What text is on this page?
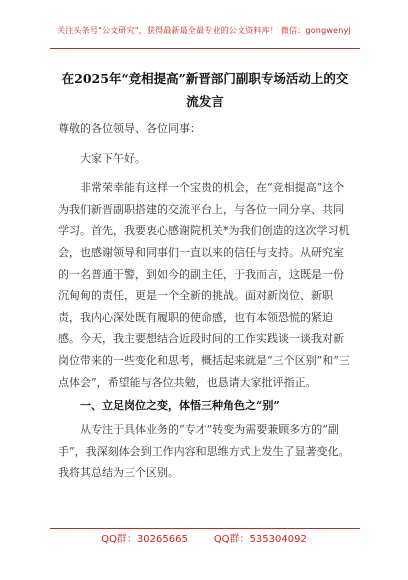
关注头条号"公文研究"，获得最新最全最专业的公文资料库！ 微信：gongwenyj
在2025年“竞相提高”新晋部门副职专场活动上的交流发言

尊敬的各位领导、各位同事：

大家下午好。

非常荣幸能有这样一个宝贵的机会，在“竞相提高”这个为我们新晋副职搭建的交流平台上，与各位一同分享、共同学习。首先，我要衷心感谢院机关*为我们创造的这次学习机会，也感谢领导和同事们一直以来的信任与支持。从研究室的一名普通干警，到如今的副主任，于我而言，这既是一份沉甸甸的责任，更是一个全新的挑战。面对新岗位、新职责，我内心深处既有履职的使命感，也有本领恐慌的紧迫感。今天，我主要想结合近段时间的工作实践谈一谈我对新岗位带来的一些变化和思考，概括起来就是“三个区别”和“三点体会”，希望能与各位共勉，也恳请大家批评指正。

一、立足岗位之变，体悟三种角色之“别”

从专注于具体业务的“专才”转变为需要兼顾多方的“副手”，我深刻体会到工作内容和思维方式上发生了显著变化。我将其总结为三个区别。

QQ群：30265665	QQ群：535304092
